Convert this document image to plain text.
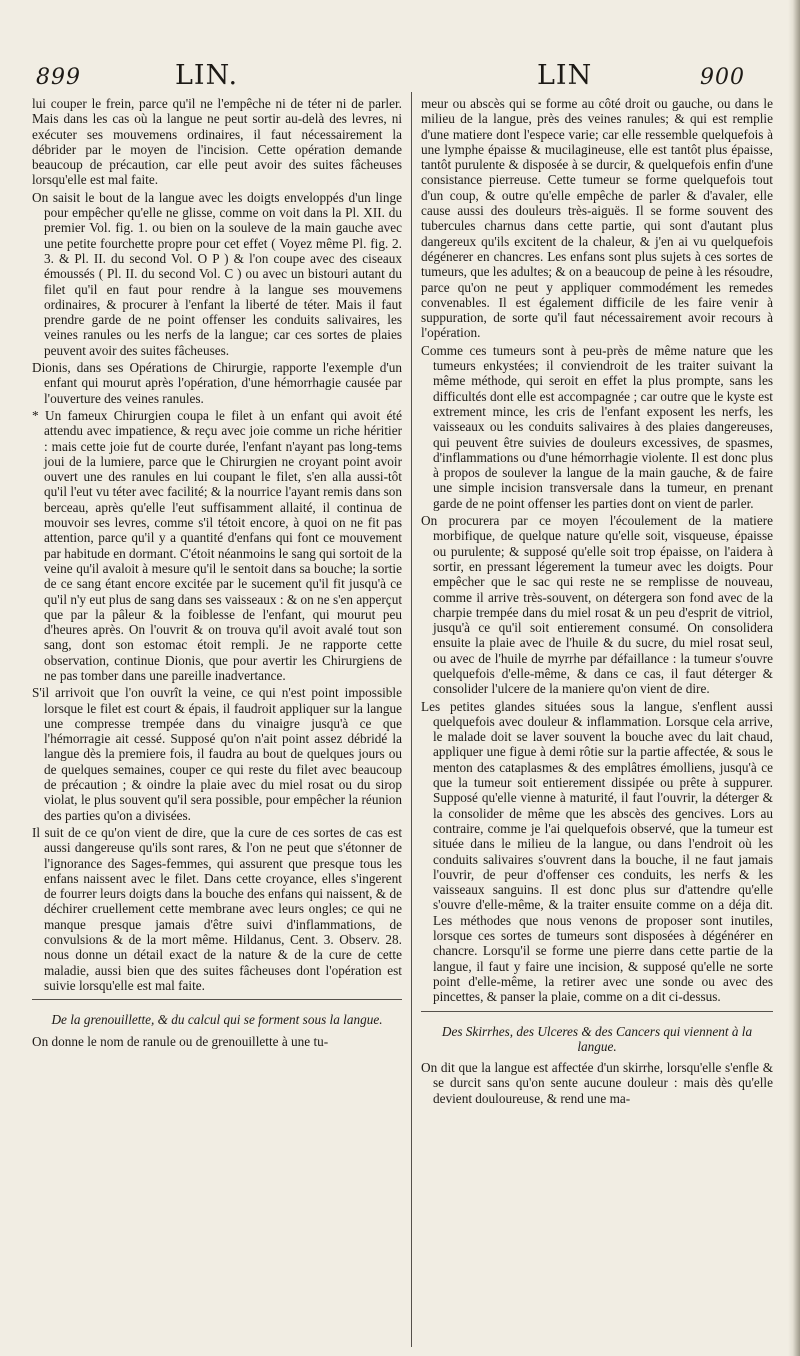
899	LIN.	LIN	900

lui couper le frein, parce qu'il ne l'empêche ni de téter ni de parler. Mais dans les cas où la langue ne peut sortir au-delà des levres, ni exécuter ses mouvemens ordinaires, il faut nécessairement la débrider par le moyen de l'incision. Cette opération demande beaucoup de précaution, car elle peut avoir des suites fâcheuses lorsqu'elle est mal faite.

On saisit le bout de la langue avec les doigts enveloppés d'un linge pour empêcher qu'elle ne glisse, comme on voit dans la Pl. XII. du premier Vol. fig. 1. ou bien on la souleve de la main gauche avec une petite fourchette propre pour cet effet ( Voyez même Pl. fig. 2. 3. & Pl. II. du second Vol. O P ) & l'on coupe avec des ciseaux émoussés ( Pl. II. du second Vol. C ) ou avec un bistouri autant du filet qu'il en faut pour rendre à la langue ses mouvemens ordinaires, & procurer à l'enfant la liberté de téter. Mais il faut prendre garde de ne point offenser les conduits salivaires, les veines ranules ou les nerfs de la langue; car ces sortes de plaies peuvent avoir des suites fâcheuses.

Dionis, dans ses Opérations de Chirurgie, rapporte l'exemple d'un enfant qui mourut après l'opération, d'une hémorrhagie causée par l'ouverture des veines ranules.

* Un fameux Chirurgien coupa le filet à un enfant qui avoit été attendu avec impatience, & reçu avec joie comme un riche héritier : mais cette joie fut de courte durée, l'enfant n'ayant pas long-tems joui de la lumiere, parce que le Chirurgien ne croyant point avoir ouvert une des ranules en lui coupant le filet, s'en alla aussi-tôt qu'il l'eut vu téter avec facilité; & la nourrice l'ayant remis dans son berceau, après qu'elle l'eut suffisamment allaité, il continua de mouvoir ses levres, comme s'il tétoit encore, à quoi on ne fit pas attention, parce qu'il y a quantité d'enfans qui font ce mouvement par habitude en dormant. C'étoit néanmoins le sang qui sortoit de la veine qu'il avaloit à mesure qu'il le sentoit dans sa bouche; la sortie de ce sang étant encore excitée par le sucement qu'il fit jusqu'à ce qu'il n'y eut plus de sang dans ses vaisseaux : & on ne s'en apperçut que par la pâleur & la foiblesse de l'enfant, qui mourut peu d'heures après. On l'ouvrit & on trouva qu'il avoit avalé tout son sang, dont son estomac étoit rempli. Je ne rapporte cette observation, continue Dionis, que pour avertir les Chirurgiens de ne pas tomber dans une pareille inadvertance.

S'il arrivoit que l'on ouvrît la veine, ce qui n'est point impossible lorsque le filet est court & épais, il faudroit appliquer sur la langue une compresse trempée dans du vinaigre jusqu'à ce que l'hémorragie ait cessé. Supposé qu'on n'ait point assez débridé la langue dès la premiere fois, il faudra au bout de quelques jours ou de quelques semaines, couper ce qui reste du filet avec beaucoup de précaution ; & oindre la plaie avec du miel rosat ou du sirop violat, le plus souvent qu'il sera possible, pour empêcher la réunion des parties qu'on a divisées.

Il suit de ce qu'on vient de dire, que la cure de ces sortes de cas est aussi dangereuse qu'ils sont rares, & l'on ne peut que s'étonner de l'ignorance des Sages-femmes, qui assurent que presque tous les enfans naissent avec le filet. Dans cette croyance, elles s'ingerent de fourrer leurs doigts dans la bouche des enfans qui naissent, & de déchirer cruellement cette membrane avec leurs ongles; ce qui ne manque presque jamais d'être suivi d'inflammations, de convulsions & de la mort même. Hildanus, Cent. 3. Observ. 28. nous donne un détail exact de la nature & de la cure de cette maladie, aussi bien que des suites fâcheuses dont l'opération est suivie lorsqu'elle est mal faite.

De la grenouillette, & du calcul qui se forment sous la langue.

On donne le nom de ranule ou de grenouillette à une tu-

meur ou abscès qui se forme au côté droit ou gauche, ou dans le milieu de la langue, près des veines ranules; & qui est remplie d'une matiere dont l'espece varie; car elle ressemble quelquefois à une lymphe épaisse & mucilagineuse, elle est tantôt plus épaisse, tantôt purulente & disposée à se durcir, & quelquefois enfin d'une consistance pierreuse. Cette tumeur se forme quelquefois tout d'un coup, & outre qu'elle empêche de parler & d'avaler, elle cause aussi des douleurs très-aiguës. Il se forme souvent des tubercules charnus dans cette partie, qui sont d'autant plus dangereux qu'ils excitent de la chaleur, & j'en ai vu quelquefois dégénerer en chancres. Les enfans sont plus sujets à ces sortes de tumeurs, que les adultes; & on a beaucoup de peine à les résoudre, parce qu'on ne peut y appliquer commodément les remedes convenables. Il est également difficile de les faire venir à suppuration, de sorte qu'il faut nécessairement avoir recours à l'opération.

Comme ces tumeurs sont à peu-près de même nature que les tumeurs enkystées; il conviendroit de les traiter suivant la même méthode, qui seroit en effet la plus prompte, sans les difficultés dont elle est accompagnée ; car outre que le kyste est extrement mince, les cris de l'enfant exposent les nerfs, les vaisseaux ou les conduits salivaires à des plaies dangereuses, qui peuvent être suivies de douleurs excessives, de spasmes, d'inflammations ou d'une hémorrhagie violente. Il est donc plus à propos de soulever la langue de la main gauche, & de faire une simple incision transversale dans la tumeur, en prenant garde de ne point offenser les parties dont on vient de parler.

On procurera par ce moyen l'écoulement de la matiere morbifique, de quelque nature qu'elle soit, visqueuse, épaisse ou purulente; & supposé qu'elle soit trop épaisse, on l'aidera à sortir, en pressant légerement la tumeur avec les doigts. Pour empêcher que le sac qui reste ne se remplisse de nouveau, comme il arrive très-souvent, on détergera son fond avec de la charpie trempée dans du miel rosat & un peu d'esprit de vitriol, jusqu'à ce qu'il soit entierement consumé. On consolidera ensuite la plaie avec de l'huile & du sucre, du miel rosat seul, ou avec de l'huile de myrrhe par défaillance : la tumeur s'ouvre quelquefois d'elle-même, & dans ce cas, il faut déterger & consolider l'ulcere de la maniere qu'on vient de dire.

Les petites glandes situées sous la langue, s'enflent aussi quelquefois avec douleur & inflammation. Lorsque cela arrive, le malade doit se laver souvent la bouche avec du lait chaud, appliquer une figue à demi rôtie sur la partie affectée, & sous le menton des cataplasmes & des emplâtres émolliens, jusqu'à ce que la tumeur soit entierement dissipée ou prête à suppurer. Supposé qu'elle vienne à maturité, il faut l'ouvrir, la déterger & la consolider de même que les abscès des gencives. Lors au contraire, comme je l'ai quelquefois observé, que la tumeur est située dans le milieu de la langue, ou dans l'endroit où les conduits salivaires s'ouvrent dans la bouche, il ne faut jamais l'ouvrir, de peur d'offenser ces conduits, les nerfs & les vaisseaux sanguins. Il est donc plus sur d'attendre qu'elle s'ouvre d'elle-même, & la traiter ensuite comme on a déja dit. Les méthodes que nous venons de proposer sont inutiles, lorsque ces sortes de tumeurs sont disposées à dégénérer en chancre. Lorsqu'il se forme une pierre dans cette partie de la langue, il faut y faire une incision, & supposé qu'elle ne sorte point d'elle-même, la retirer avec une sonde ou avec des pincettes, & panser la plaie, comme on a dit ci-dessus.

Des Skirrhes, des Ulceres & des Cancers qui viennent à la langue.

On dit que la langue est affectée d'un skirrhe, lorsqu'elle s'enfle & se durcit sans qu'on sente aucune douleur : mais dès qu'elle devient douloureuse, & rend une ma-
